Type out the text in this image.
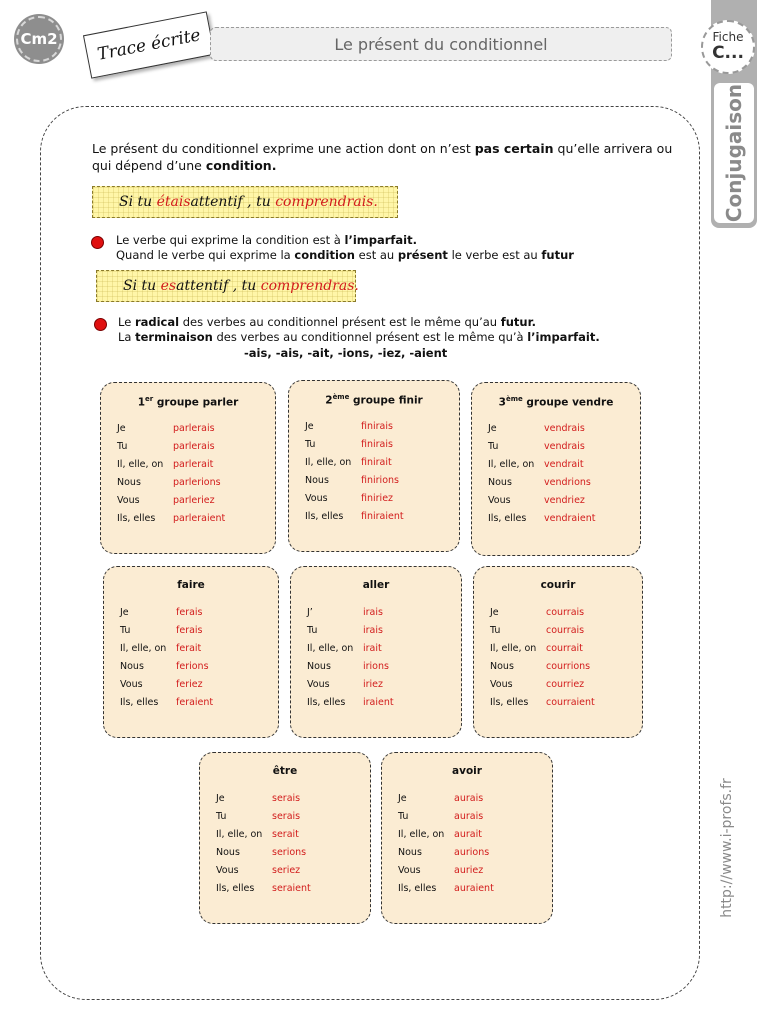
Cm2	Trace écrite	Le présent du conditionnel	Fiche
C...
Conjugaison
http://www.i-profs.fr
Le présent du conditionnel exprime une action dont on n’est pas certain qu’elle arrivera ou qui dépend d’une condition.
Si tu
étais attentif , tu
comprendrais.
Le verbe qui exprime la condition est à l’imparfait.
Quand le verbe qui exprime la condition est au présent le verbe est au futur
Si tu
es attentif , tu
comprendras.
Le radical des verbes au conditionnel présent est le même qu’au futur.
La terminaison des verbes au conditionnel présent est le même qu’à l’imparfait.
-ais, -ais, -ait, -ions, -iez, -aient
1er groupe parler
Je	parlerais
Tu	parlerais
Il, elle, on	parlerait
Nous	parlerions
Vous	parleriez
Ils, elles	parleraient
2ème groupe finir
Je	finirais
Tu	finirais
Il, elle, on	finirait
Nous	finirions
Vous	finiriez
Ils, elles	finiraient
3ème groupe vendre
Je	vendrais
Tu	vendrais
Il, elle, on	vendrait
Nous	vendrions
Vous	vendriez
Ils, elles	vendraient
faire
Je	ferais
Tu	ferais
Il, elle, on	ferait
Nous	ferions
Vous	feriez
Ils, elles	feraient
aller
J’	irais
Tu	irais
Il, elle, on	irait
Nous	irions
Vous	iriez
Ils, elles	iraient
courir
Je	courrais
Tu	courrais
Il, elle, on	courrait
Nous	courrions
Vous	courriez
Ils, elles	courraient
être
Je	serais
Tu	serais
Il, elle, on	serait
Nous	serions
Vous	seriez
Ils, elles	seraient
avoir
Je	aurais
Tu	aurais
Il, elle, on	aurait
Nous	aurions
Vous	auriez
Ils, elles	auraient
